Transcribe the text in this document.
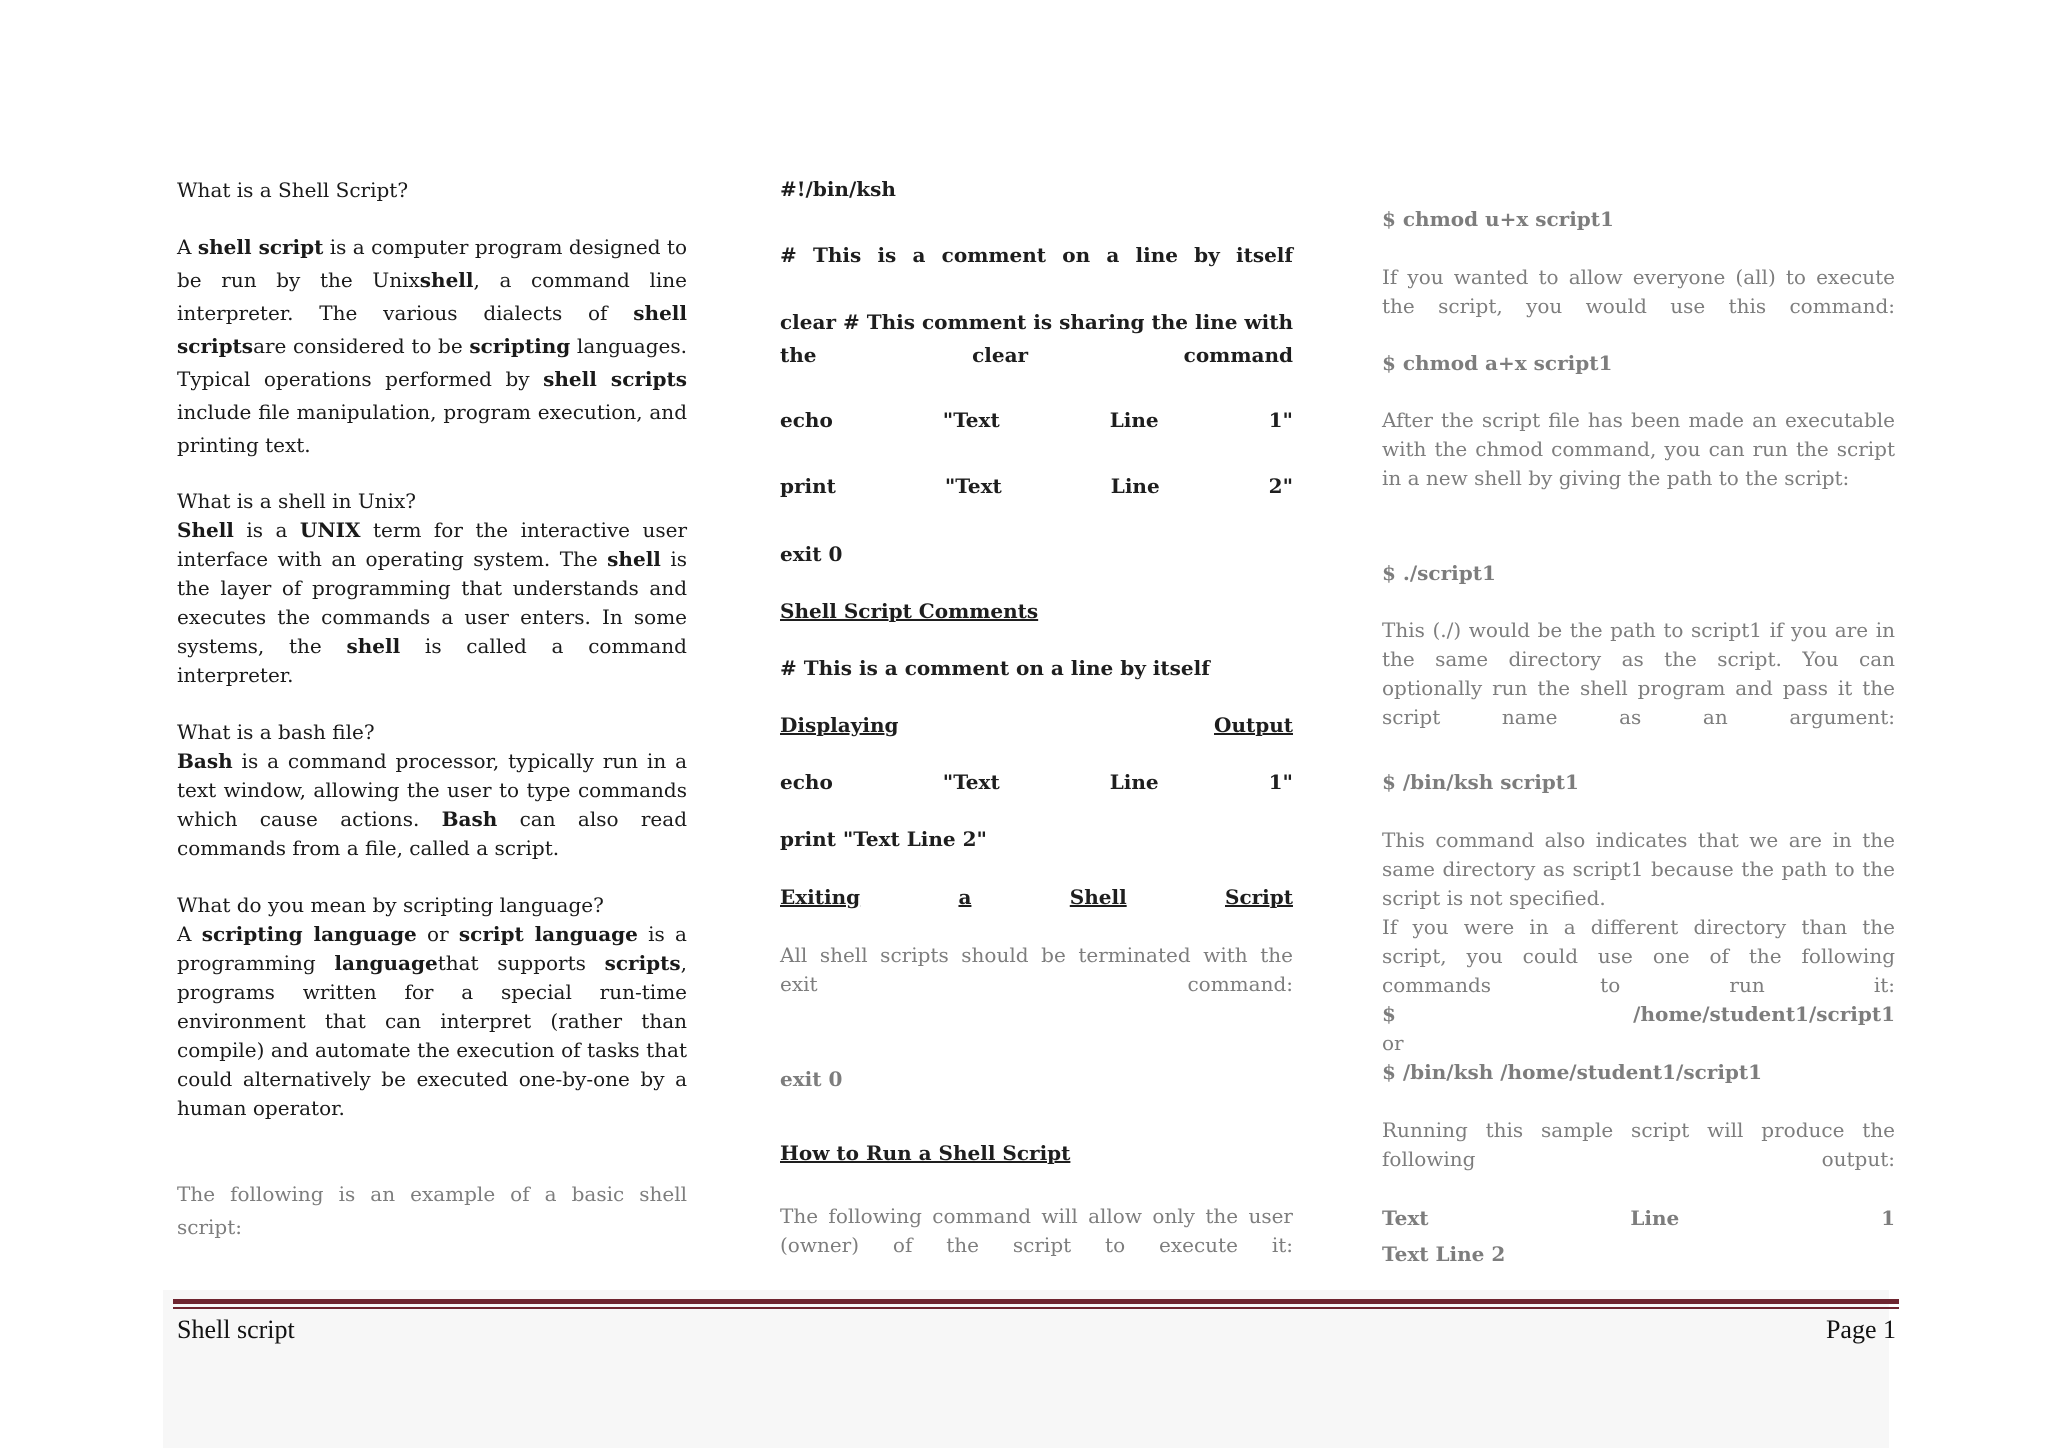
What is a Shell Script?

A shell script is a computer program designed to be run by the Unixshell, a command line interpreter. The various dialects of shell scriptsare considered to be scripting languages. Typical operations performed by shell scripts include file manipulation, program execution, and printing text.

What is a shell in Unix?

Shell is a UNIX term for the interactive user interface with an operating system. The shell is the layer of programming that understands and executes the commands a user enters. In some systems, the shell is called a command interpreter.

What is a bash file?

Bash is a command processor, typically run in a text window, allowing the user to type commands which cause actions. Bash can also read commands from a file, called a script.

What do you mean by scripting language?

A scripting language or script language is a programming languagethat supports scripts, programs written for a special run-time environment that can interpret (rather than compile) and automate the execution of tasks that could alternatively be executed one-by-one by a human operator.

The following is an example of a basic shell script:

#!/bin/ksh

# This is a comment on a line by itself

clear # This comment is sharing the line with the clear command

echo	"Text	Line	1"
print	"Text	Line	2"

exit 0

Shell Script Comments

# This is a comment on a line by itself

Displaying	Output
echo	"Text	Line	1"

print "Text Line 2"

Exiting	a	Shell	Script

All shell scripts should be terminated with the exit command:

exit 0

How to Run a Shell Script

The following command will allow only the user (owner) of the script to execute it:

$ chmod u+x script1

If you wanted to allow everyone (all) to execute the script, you would use this command:

$ chmod a+x script1

After the script file has been made an executable with the chmod command, you can run the script in a new shell by giving the path to the script:

$ ./script1

This (./) would be the path to script1 if you are in the same directory as the script. You can optionally run the shell program and pass it the script name as an argument:

$ /bin/ksh script1

This command also indicates that we are in the same directory as script1 because the path to the script is not specified.

If you were in a different directory than the script, you could use one of the following commands to run it:

$	/home/student1/script1

or

$ /bin/ksh /home/student1/script1

Running this sample script will produce the following output:

Text	Line	1

Text Line 2

Shell script	Page 1
